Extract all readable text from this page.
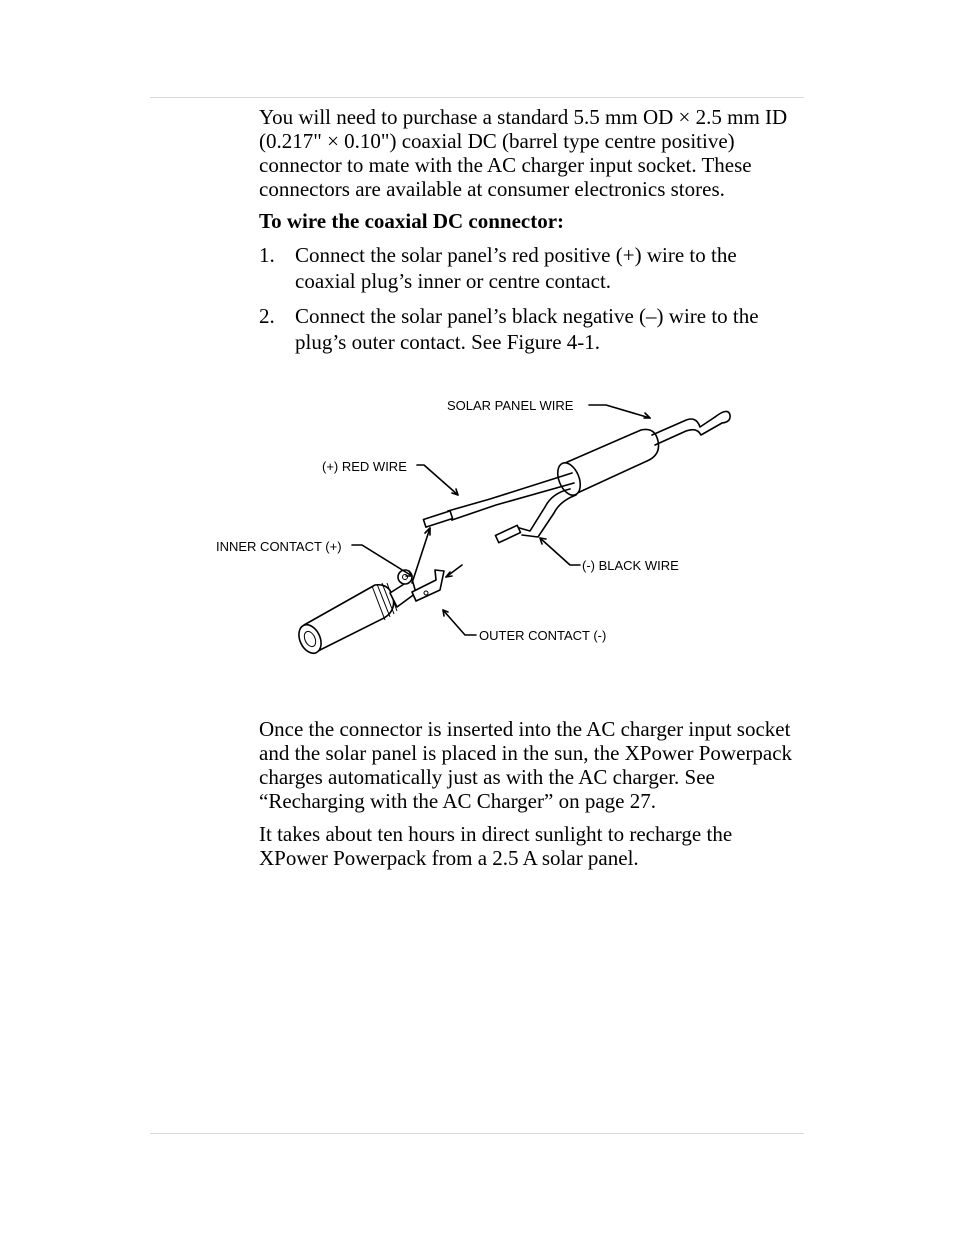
You will need to purchase a standard 5.5 mm OD × 2.5 mm ID (0.217" × 0.10") coaxial DC (barrel type centre positive) connector to mate with the AC charger input socket. These connectors are available at consumer electronics stores.

To wire the coaxial DC connector:

1. Connect the solar panel’s red positive (+) wire to the coaxial plug’s inner or centre contact.
2. Connect the solar panel’s black negative (–) wire to the plug’s outer contact. See Figure 4-1.
SOLAR PANEL WIRE
(+) RED WIRE
INNER CONTACT (+)
(-) BLACK WIRE
OUTER CONTACT (-)

Once the connector is inserted into the AC charger input socket and the solar panel is placed in the sun, the XPower Powerpack charges automatically just as with the AC charger. See “Recharging with the AC Charger” on page 27.

It takes about ten hours in direct sunlight to recharge the XPower Powerpack from a 2.5 A solar panel.
